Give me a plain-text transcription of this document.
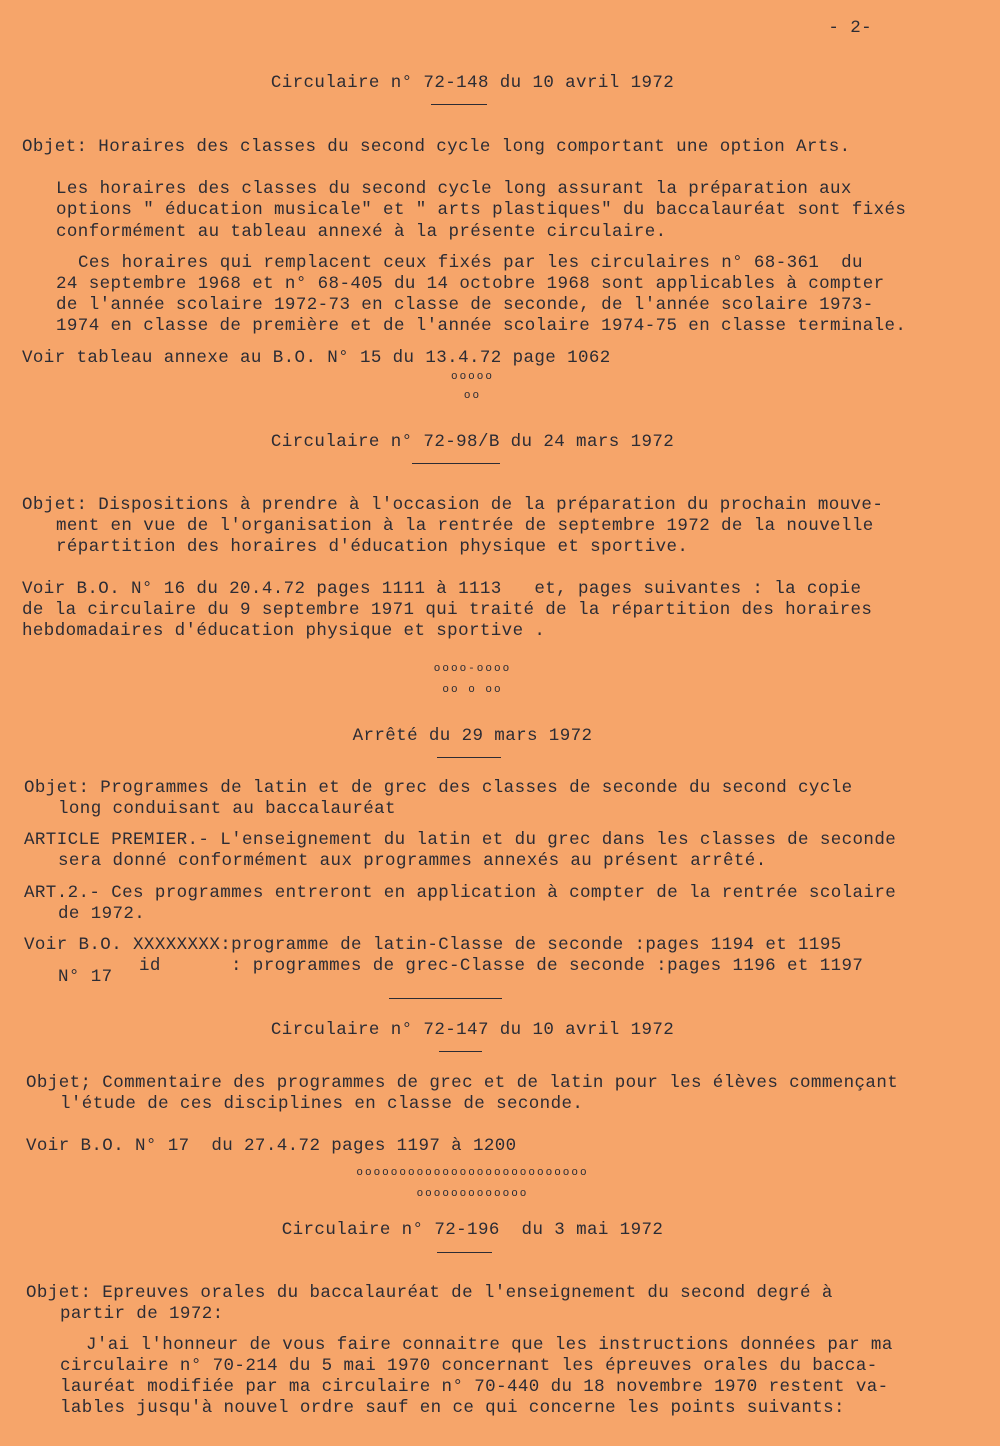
- 2-
Circulaire n° 72-148 du 10 avril 1972
Objet: Horaires des classes du second cycle long comportant une option Arts.
Les horaires des classes du second cycle long assurant la préparation aux
options " éducation musicale" et " arts plastiques" du baccalauréat sont fixés
conformément au tableau annexé à la présente circulaire.
Ces horaires qui remplacent ceux fixés par les circulaires n° 68-361  du
24 septembre 1968 et n° 68-405 du 14 octobre 1968 sont applicables à compter
de l'année scolaire 1972-73 en classe de seconde, de l'année scolaire 1973-
1974 en classe de première et de l'année scolaire 1974-75 en classe terminale.
Voir tableau annexe au B.O. N° 15 du 13.4.72 page 1062
ooooo
oo
Circulaire n° 72-98/B du 24 mars 1972
Objet: Dispositions à prendre à l'occasion de la préparation du prochain mouve-
ment en vue de l'organisation à la rentrée de septembre 1972 de la nouvelle
répartition des horaires d'éducation physique et sportive.
Voir B.O. N° 16 du 20.4.72 pages 1111 à 1113   et, pages suivantes : la copie
de la circulaire du 9 septembre 1971 qui traité de la répartition des horaires
hebdomadaires d'éducation physique et sportive .
oooo-oooo
oo o oo
Arrêté du 29 mars 1972
Objet: Programmes de latin et de grec des classes de seconde du second cycle
long conduisant au baccalauréat
ARTICLE PREMIER.- L'enseignement du latin et du grec dans les classes de seconde
sera donné conformément aux programmes annexés au présent arrêté.
ART.2.- Ces programmes entreront en application à compter de la rentrée scolaire
de 1972.
Voir B.O. XXXXXXXX:programme de latin-Classe de seconde :pages 1194 et 1195
id	: programmes de grec-Classe de seconde :pages 1196 et 1197
N° 17
Circulaire n° 72-147 du 10 avril 1972
Objet; Commentaire des programmes de grec et de latin pour les élèves commençant
l'étude de ces disciplines en classe de seconde.
Voir B.O. N° 17  du 27.4.72 pages 1197 à 1200
ooooooooooooooooooooooooooo
ooooooooooooo
Circulaire n° 72-196  du 3 mai 1972
Objet: Epreuves orales du baccalauréat de l'enseignement du second degré à
partir de 1972:
J'ai l'honneur de vous faire connaitre que les instructions données par ma
circulaire n° 70-214 du 5 mai 1970 concernant les épreuves orales du bacca-
lauréat modifiée par ma circulaire n° 70-440 du 18 novembre 1970 restent va-
lables jusqu'à nouvel ordre sauf en ce qui concerne les points suivants:
